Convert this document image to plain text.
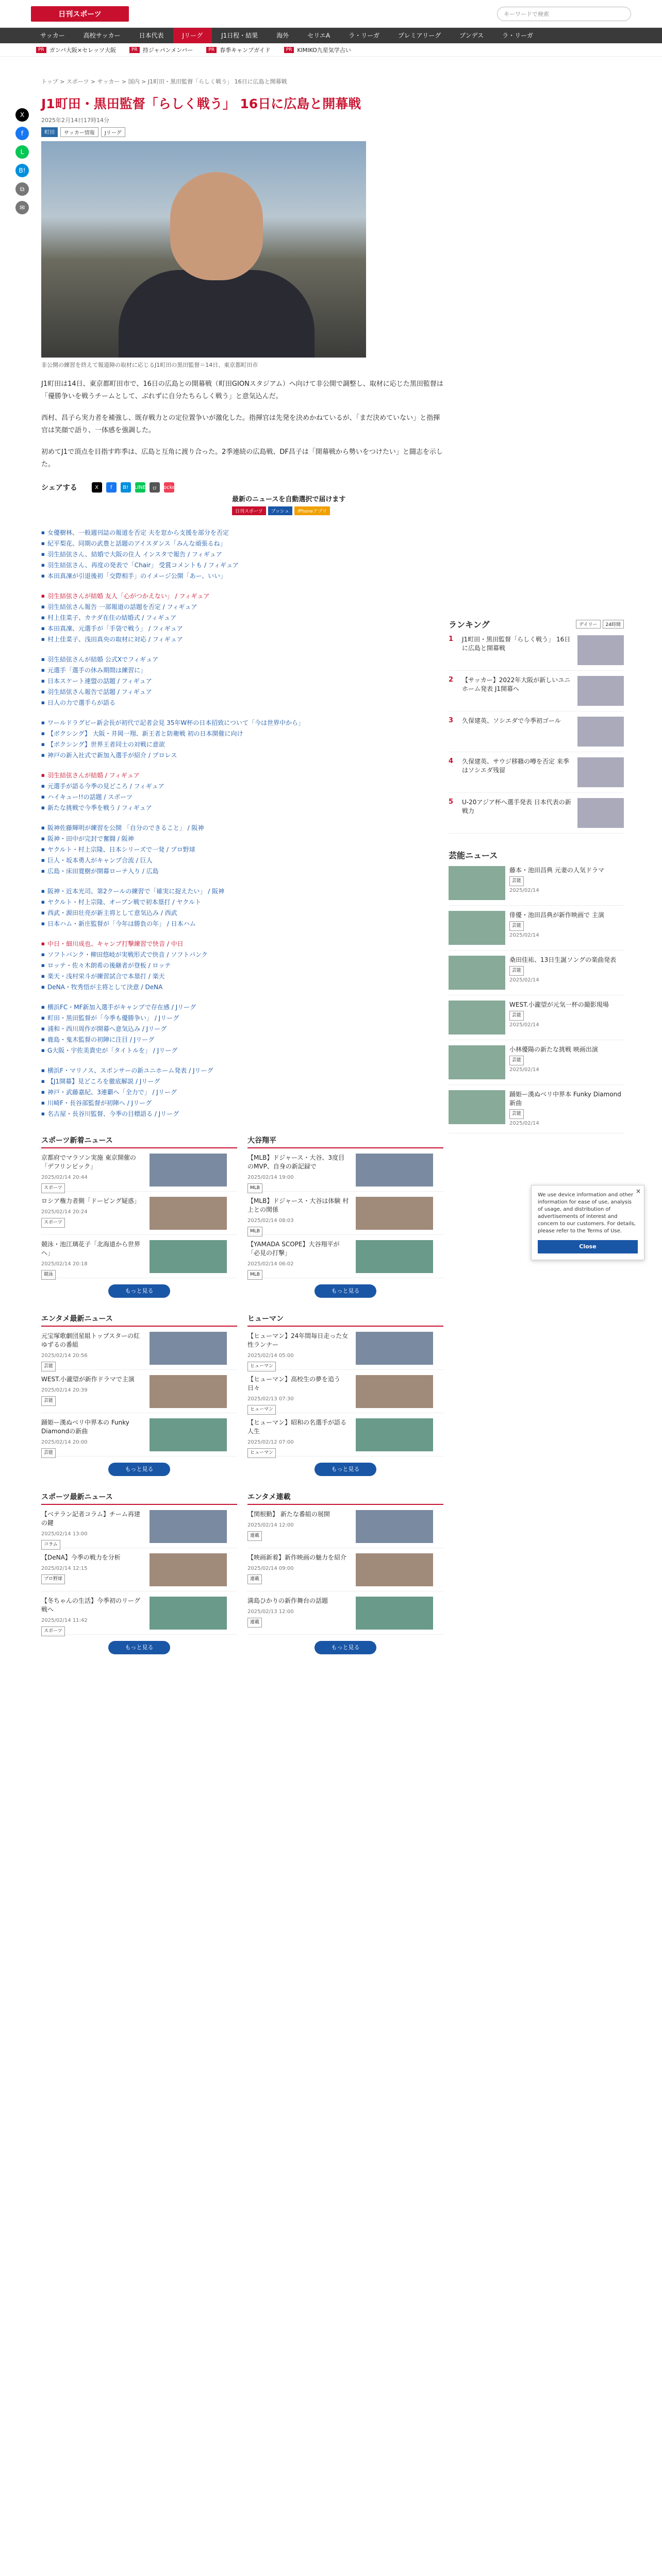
日刊スポーツ	キーワードで検索
サッカー	高校サッカー	日本代表	Jリーグ	J1日程・結果	海外	セリエA	ラ・リーガ	プレミアリーグ	ブンデス	ラ・リーガ
PR ガンバ大阪×セレッソ大阪	PR 持ジャパンメンバー	PR 春季キャンプガイド	PR KIMIKO九星気学占い
トップ > スポーツ > サッカー > 国内 > J1町田・黒田監督「らしく戦う」 16日に広島と開幕戦
X
f
L
B!
⧉
✉
J1町田・黒田監督「らしく戦う」 16日に広島と開幕戦
2025年2月14日17時14分
町田	サッカー情報	Jリーグ
非公開の練習を終えて報道陣の取材に応じるJ1町田の黒田監督＝14日、東京都町田市

J1町田は14日、東京都町田市で、16日の広島との開幕戦（町田GIONスタジアム）へ向けて非公開で調整し、取材に応じた黒田監督は「優勝争いを戦うチームとして、ぶれずに自分たちらしく戦う」と意気込んだ。

西村、昌子ら実力者を補強し、既存戦力との定位置争いが激化した。指揮官は先発を決めかねているが、「まだ決めていない」と指揮官は笑顔で語り、一体感を強調した。

初めてJ1で頂点を目指す昨季は、広島と互角に渡り合った。2季連続の広島戦、DF昌子は「開幕戦から勢いをつけたい」と闘志を示した。

シェアする	X	f	B!	LINE	ロ Pocket
最新のニュースを自動選択で届けます
日刊スポーツ	プッシュ	iPhoneアプリ
■ 女優樹林、一般週刊誌の報道を否定 夫を窓から支援を部分を否定
■ 紀平梨花、同期の武豊と話題のアイスダンス「みんな頑張るね」
■ 羽生結弦さん、結婚で大阪の住人 インスタで報告 / フィギュア
■ 羽生結弦さん、再度の発表で「Chair」 受賞コメントも / フィギュア
■ 本田真凜が引退後初「交際相手」のイメージ公開「あー、いい」
■ 羽生結弦さんが結婚 友人「心がつかえない」 / フィギュア
■ 羽生結弦さん報告 一部報道の話題を否定 / フィギュア
■ 村上佳菜子、カナダ在住の結婚式 / フィギュア
■ 本田真凜、元選手が「手袋で戦う」 / フィギュア
■ 村上佳菜子、浅田真央の取材に対応 / フィギュア
■ 羽生結弦さんが結婚 公式Xでフィギュア
■ 元選手「選手の休み期間は練習に」
■ 日本スケート連盟の話題 / フィギュア
■ 羽生結弦さん報告で話題 / フィギュア
■ 日人の力で選手らが語る
■ ワールドラグビー新会長が初代で記者会見 35年W杯の日本招致について「今は世界中から」
■ 【ボクシング】 大阪・井岡一翔、新王者と防衛戦 初の日本開催に向け
■ 【ボクシング】世界王者同士の対戦に意欲
■ 神戸の新入社式で新加入選手が紹介 / プロレス
■ 羽生結弦さんが結婚 / フィギュア
■ 元選手が語る今季の見どころ / フィギュア
■ ハイキュー!!の話題 / スポーツ
■ 新たな挑戦で今季を戦う / フィギュア
■ 阪神佐藤輝明が練習を公開 「自分のできること」 / 阪神
■ 阪神・田中が完封で奮闘 / 阪神
■ ヤクルト・村上宗隆、日本シリーズで一発 / プロ野球
■ 巨人・坂本勇人がキャンプ合流 / 巨人
■ 広島・床田寛樹が開幕ローテ入り / 広島
■ 阪神・近本光司、第2クールの練習で「確実に捉えたい」 / 阪神
■ ヤクルト・村上宗隆、オープン戦で初本塁打 / ヤクルト
■ 西武・源田壮亮が新主将として意気込み / 西武
■ 日本ハム・新庄監督が「今年は勝負の年」 / 日本ハム
■ 中日・細川成也、キャンプ打撃練習で快音 / 中日
■ ソフトバンク・柳田悠岐が実戦形式で快音 / ソフトバンク
■ ロッテ・佐々木朗希の後継者が登板 / ロッテ
■ 楽天・浅村栄斗が練習試合で本塁打 / 楽天
■ DeNA・牧秀悟が主将として決意 / DeNA
■ 横浜FC・MF新加入選手がキャンプで存在感 / Jリーグ
■ 町田・黒田監督が「今季も優勝争い」 / Jリーグ
■ 浦和・西川周作が開幕へ意気込み / Jリーグ
■ 鹿島・鬼木監督の初陣に注目 / Jリーグ
■ G大阪・宇佐美貴史が「タイトルを」 / Jリーグ
■ 横浜F・マリノス、スポンサーの新ユニホーム発表 / Jリーグ
■ 【J1開幕】見どころを徹底解説 / Jリーグ
■ 神戸・武藤嘉紀、3連覇へ「全力で」 / Jリーグ
■ 川崎F・長谷部監督が初陣へ / Jリーグ
■ 名古屋・長谷川監督、今季の目標語る / Jリーグ
スポーツ新着ニュース
京都府でマラソン実施 東京開催の「デフリンピック」
2025/02/14 20:44
スポーツ
ロシア権力者側「ドーピング疑惑」
2025/02/14 20:24
スポーツ
競泳・池江璃花子「北海道から世界へ」
2025/02/14 20:18
競泳
もっと見る
大谷翔平
【MLB】ドジャース・大谷、3度目のMVP、自身の新記録で
2025/02/14 19:00
MLB
【MLB】ドジャース・大谷は体験 村上との関係
2025/02/14 08:03
MLB
【YAMADA SCOPE】大谷翔平が「必見の打撃」
2025/02/14 06:02
MLB
もっと見る
エンタメ最新ニュース
元宝塚歌劇団星組トップスターの紅ゆずるの番組
2025/02/14 20:56
芸能
WEST.小瀧望が新作ドラマで主演
2025/02/14 20:39
芸能
踊姫ー漢ぬベリ中界本の Funky Diamondの新曲
2025/02/14 20:00
芸能
もっと見る
ヒューマン
【ヒューマン】24年間毎日走った女性ランナー
2025/02/14 05:00
ヒューマン
【ヒューマン】高校生の夢を追う日々
2025/02/13 07:30
ヒューマン
【ヒューマン】昭和の名選手が語る人生
2025/02/12 07:00
ヒューマン
もっと見る
スポーツ最新ニュース
【ベテラン記者コラム】チーム再建の鍵
2025/02/14 13:00
コラム
【DeNA】今季の戦力を分析
2025/02/14 12:15
プロ野球
【冬ちゃんの生活】今季初のリーグ戦へ
2025/02/14 11:42
スポーツ
もっと見る
エンタメ連載
【関根勤】 新たな番組の展開
2025/02/14 12:00
連載
【映画新着】新作映画の魅力を紹介
2025/02/14 09:00
連載
満島ひかりの新作舞台の話題
2025/02/13 12:00
連載
もっと見る
ランキング	デイリー	24時間
1	J1町田・黒田監督「らしく戦う」 16日に広島と開幕戦
2	【サッカー】2022年大阪が新しいユニホーム発表 J1開幕へ
3	久保建英、ソシエダで今季初ゴール
4	久保建英、サウジ移籍の噂を否定 来季はソシエダ残留
5	U-20アジア杯へ選手発表 日本代表の新戦力
芸能ニュース
藤本・池田昌典 元妻の人気ドラマ
芸能
2025/02/14
俳優・池田昌典が新作映画で 主演
芸能
2025/02/14
桑田佳祐、13日生誕ソングの楽曲発表
芸能
2025/02/14
WEST.小瀧望が元気一杯の撮影現場
芸能
2025/02/14
小林優陽の新たな挑戦 映画出演
芸能
2025/02/14
踊姫ー漢ぬベリ中界本 Funky Diamond 新曲
芸能
2025/02/14
×
We use device information and other information for ease of use, analysis of usage, and distribution of advertisements of interest and concern to our customers. For details, please refer to the Terms of Use.
Close
